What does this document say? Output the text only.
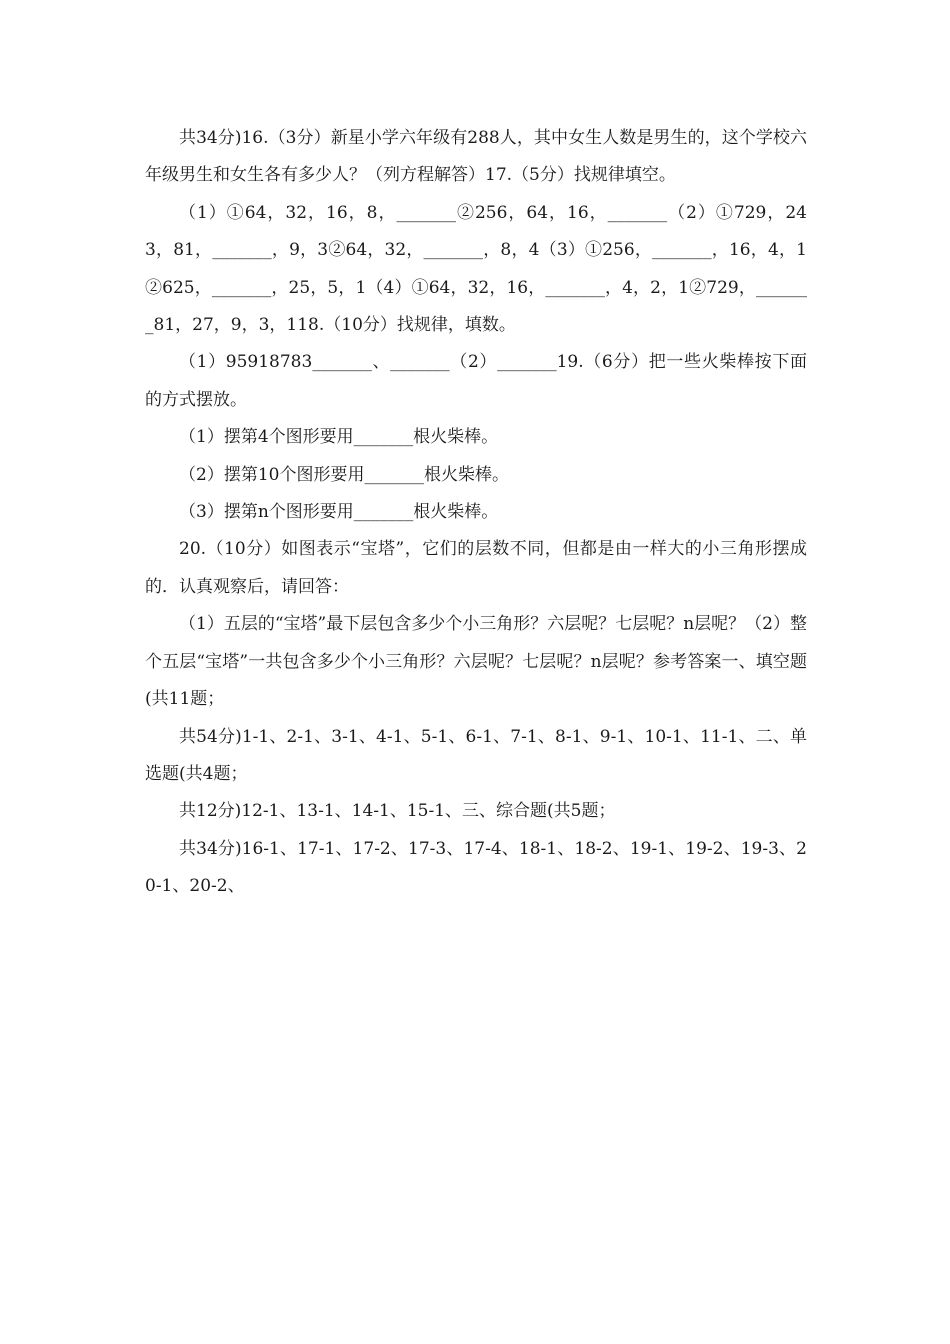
共34分)16.（3分）新星小学六年级有288人，其中女生人数是男生的，这个学校六年级男生和女生各有多少人？（列方程解答）17.（5分）找规律填空。

（1）①64，32，16，8，_______②256，64，16，_______（2）①729，243，81，_______，9，3②64，32，_______，8，4（3）①256，_______，16，4，1②625，_______，25，5，1（4）①64，32，16，_______，4，2，1②729，_______81，27，9，3，118.（10分）找规律，填数。

（1）95918783_______、_______（2）_______19.（6分）把一些火柴棒按下面的方式摆放。

（1）摆第4个图形要用_______根火柴棒。

（2）摆第10个图形要用_______根火柴棒。

（3）摆第n个图形要用_______根火柴棒。

20.（10分）如图表示“宝塔”，它们的层数不同，但都是由一样大的小三角形摆成的．认真观察后，请回答：

（1）五层的“宝塔”最下层包含多少个小三角形？六层呢？七层呢？n层呢？（2）整个五层“宝塔”一共包含多少个小三角形？六层呢？七层呢？n层呢？参考答案一、填空题(共11题；

共54分)1-1、2-1、3-1、4-1、5-1、6-1、7-1、8-1、9-1、10-1、11-1、二、单选题(共4题；

共12分)12-1、13-1、14-1、15-1、三、综合题(共5题；

共34分)16-1、17-1、17-2、17-3、17-4、18-1、18-2、19-1、19-2、19-3、20-1、20-2、
